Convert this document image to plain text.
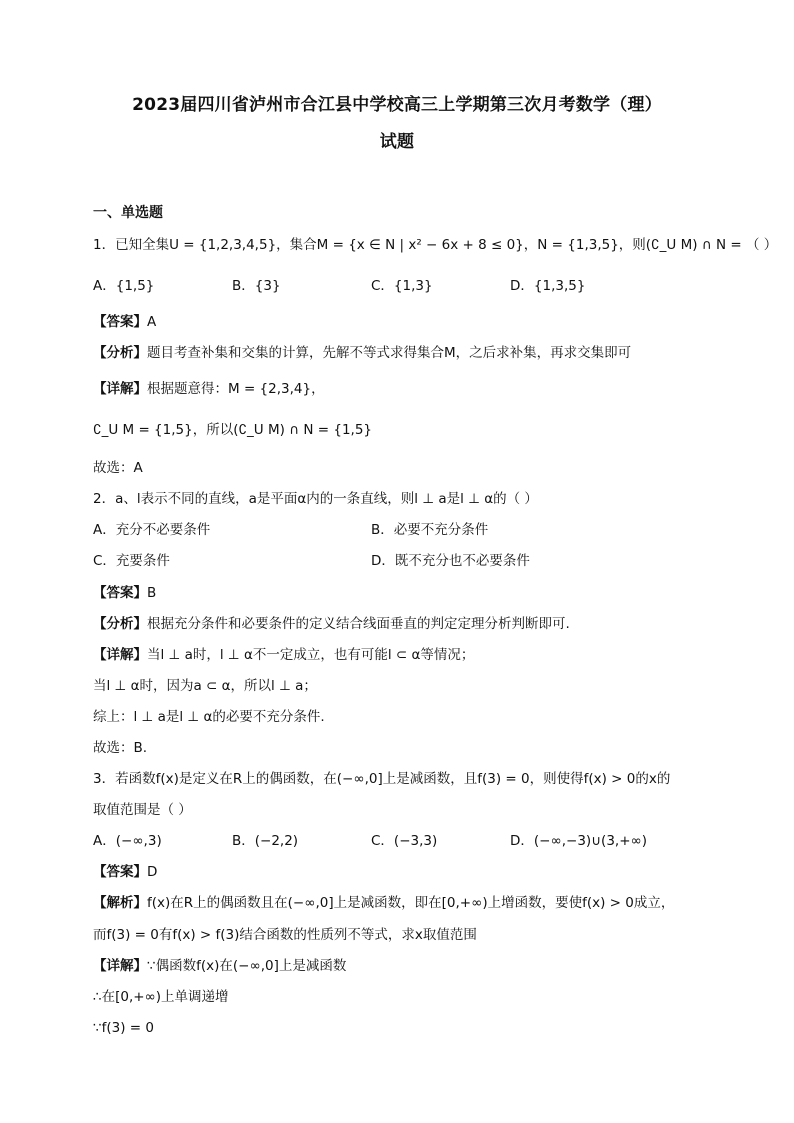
2023届四川省泸州市合江县中学校高三上学期第三次月考数学（理）
试题
一、单选题
1．已知全集U = {1,2,3,4,5}，集合M = {x ∈ N | x² − 6x + 8 ≤ 0}，N = {1,3,5}，则(∁_U M) ∩ N = （ ）
A．{1,5}	B．{3}	C．{1,3}	D．{1,3,5}
【答案】A
【分析】题目考查补集和交集的计算，先解不等式求得集合M，之后求补集，再求交集即可
【详解】根据题意得：M = {2,3,4}，
∁_U M = {1,5}，所以(∁_U M) ∩ N = {1,5}
故选：A
2．a、l表示不同的直线，a是平面α内的一条直线，则l ⊥ a是l ⊥ α的（ ）
A．充分不必要条件	B．必要不充分条件
C．充要条件	D．既不充分也不必要条件
【答案】B
【分析】根据充分条件和必要条件的定义结合线面垂直的判定定理分析判断即可.
【详解】当l ⊥ a时，l ⊥ α不一定成立，也有可能l ⊂ α等情况；
当l ⊥ α时，因为a ⊂ α，所以l ⊥ a；
综上：l ⊥ a是l ⊥ α的必要不充分条件.
故选：B.
3．若函数f(x)是定义在R上的偶函数，在(−∞,0]上是减函数，且f(3) = 0，则使得f(x) > 0的x的
取值范围是（ ）
A．(−∞,3)	B．(−2,2)	C．(−3,3)	D．(−∞,−3)∪(3,+∞)
【答案】D
【解析】f(x)在R上的偶函数且在(−∞,0]上是减函数，即在[0,+∞)上增函数，要使f(x) > 0成立，
而f(3) = 0有f(x) > f(3)结合函数的性质列不等式，求x取值范围
【详解】∵偶函数f(x)在(−∞,0]上是减函数
∴在[0,+∞)上单调递增
∵f(3) = 0
